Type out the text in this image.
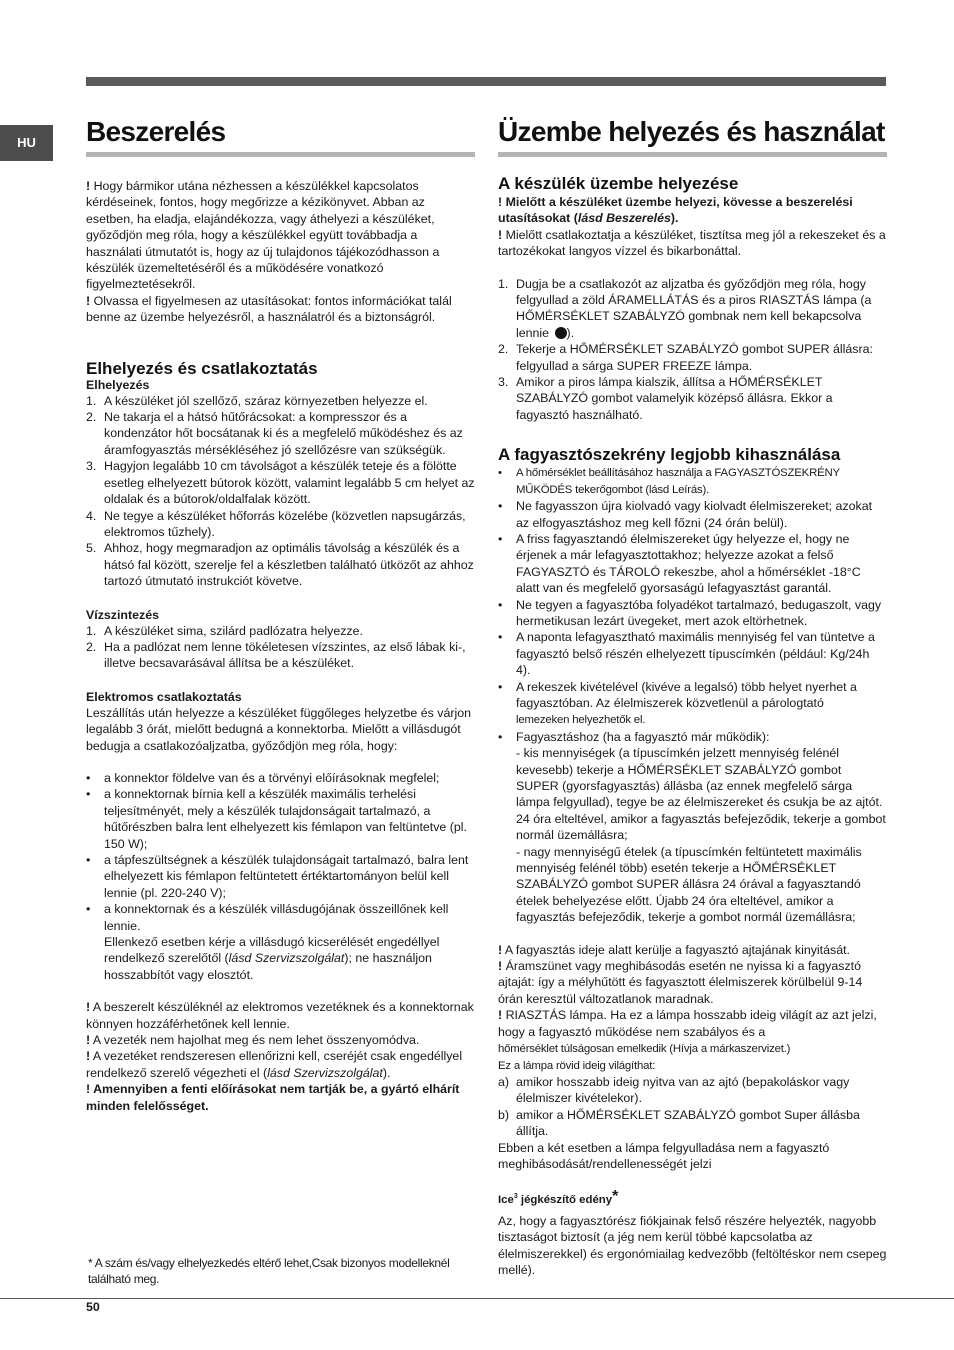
HU	Beszerelés

! Hogy bármikor utána nézhessen a készülékkel kapcsolatos kérdéseinek, fontos, hogy megőrizze a kézikönyvet. Abban az esetben, ha eladja, elajándékozza, vagy áthelyezi a készüléket, győződjön meg róla, hogy a készülékkel együtt továbbadja a használati útmutatót is, hogy az új tulajdonos tájékozódhasson a készülék üzemeltetéséről és a működésére vonatkozó figyelmeztetésekről.

! Olvassa el figyelmesen az utasításokat: fontos információkat talál benne az üzembe helyezésről, a használatról és a biztonságról.

Elhelyezés és csatlakoztatás
Elhelyezés
1. A készüléket jól szellőző, száraz környezetben helyezze el.
2. Ne takarja el a hátsó hűtőrácsokat: a kompresszor és a kondenzátor hőt bocsátanak ki és a megfelelő működéshez és az áramfogyasztás mérsékléséhez jó szellőzésre van szükségük.
3. Hagyjon legalább 10 cm távolságot a készülék teteje és a fölötte esetleg elhelyezett bútorok között, valamint legalább 5 cm helyet az oldalak és a bútorok/oldalfalak között.
4. Ne tegye a készüléket hőforrás közelébe (közvetlen napsugárzás, elektromos tűzhely).
5. Ahhoz, hogy megmaradjon az optimális távolság a készülék és a hátsó fal között, szerelje fel a készletben található ütközőt az ahhoz tartozó útmutató instrukciót követve.
Vízszintezés
1. A készüléket sima, szilárd padlózatra helyezze.
2. Ha a padlózat nem lenne tökéletesen vízszintes, az első lábak ki-, illetve becsavarásával állítsa be a készüléket.
Elektromos csatlakoztatás

Leszállítás után helyezze a készüléket függőleges helyzetbe és várjon legalább 3 órát, mielőtt bedugná a konnektorba. Mielőtt a villásdugót bedugja a csatlakozóaljzatba, győződjön meg róla, hogy:

• a konnektor földelve van és a törvényi előírásoknak megfelel;
• a konnektornak bírnia kell a készülék maximális terhelési teljesítményét, mely a készülék tulajdonságait tartalmazó, a hűtőrészben balra lent elhelyezett kis fémlapon van feltüntetve (pl. 150 W);
• a tápfeszültségnek a készülék tulajdonságait tartalmazó, balra lent elhelyezett kis fémlapon feltüntetett értéktartományon belül kell lennie (pl. 220-240 V);
• a konnektornak és a készülék villásdugójának összeillőnek kell lennie.
Ellenkező esetben kérje a villásdugó kicserélését engedéllyel rendelkező szerelőtől (lásd Szervizszolgálat); ne használjon hosszabbítót vagy elosztót.

! A beszerelt készüléknél az elektromos vezetéknek és a konnektornak könnyen hozzáférhetőnek kell lennie.

! A vezeték nem hajolhat meg és nem lehet összenyomódva.

! A vezetéket rendszeresen ellenőrizni kell, cseréjét csak engedéllyel rendelkező szerelő végezheti el (lásd Szervizszolgálat).

! Amennyiben a fenti előírásokat nem tartják be, a gyártó elhárít minden felelősséget.

* A szám és/vagy elhelyezkedés eltérő lehet,Csak bizonyos modelleknél található meg.
Üzembe helyezés és használat
A készülék üzembe helyezése

! Mielőtt a készüléket üzembe helyezi, kövesse a beszerelési utasításokat (lásd Beszerelés).

! Mielőtt csatlakoztatja a készüléket, tisztítsa meg jól a rekeszeket és a tartozékokat langyos vízzel és bikarbonáttal.

1. Dugja be a csatlakozót az aljzatba és győződjön meg róla, hogy felgyullad a zöld ÁRAMELLÁTÁS és a piros RIASZTÁS lámpa (a HŐMÉRSÉKLET SZABÁLYZÓ gombnak nem kell bekapcsolva lennie ).
2. Tekerje a HŐMÉRSÉKLET SZABÁLYZÓ gombot SUPER állásra: felgyullad a sárga SUPER FREEZE lámpa.
3. Amikor a piros lámpa kialszik, állítsa a HŐMÉRSÉKLET SZABÁLYZÓ gombot valamelyik középső állásra. Ekkor a fagyasztó használható.
A fagyasztószekrény legjobb kihasználása
• A hőmérséklet beállításához használja a FAGYASZTÓSZEKRÉNY MŰKÖDÉS tekerőgombot (lásd Leírás).
• Ne fagyasszon újra kiolvadó vagy kiolvadt élelmiszereket; azokat az elfogyasztáshoz meg kell főzni (24 órán belül).
• A friss fagyasztandó élelmiszereket úgy helyezze el, hogy ne érjenek a már lefagyasztottakhoz; helyezze azokat a felső FAGYASZTÓ és TÁROLÓ rekeszbe, ahol a hőmérséklet -18°C alatt van és megfelelő gyorsaságú lefagyasztást garantál.
• Ne tegyen a fagyasztóba folyadékot tartalmazó, bedugaszolt, vagy hermetikusan lezárt üvegeket, mert azok eltörhetnek.
• A naponta lefagyasztható maximális mennyiség fel van tüntetve a fagyasztó belső részén elhelyezett típuscímkén (például: Kg/24h 4).
• A rekeszek kivételével (kivéve a legalsó) több helyet nyerhet a fagyasztóban. Az élelmiszerek közvetlenül a párologtató
lemezeken helyezhetők el.
• Fagyasztáshoz (ha a fagyasztó már működik):
- kis mennyiségek (a típuscímkén jelzett mennyiség felénél kevesebb) tekerje a HŐMÉRSÉKLET SZABÁLYZÓ gombot SUPER (gyorsfagyasztás) állásba (az ennek megfelelő sárga lámpa felgyullad), tegye be az élelmiszereket és csukja be az ajtót. 24 óra elteltével, amikor a fagyasztás befejeződik, tekerje a gombot normál üzemállásra;
- nagy mennyiségű ételek (a típuscímkén feltüntetett maximális mennyiség felénél több) esetén tekerje a HŐMÉRSÉKLET SZABÁLYZÓ gombot SUPER állásra 24 órával a fagyasztandó ételek behelyezése előtt. Újabb 24 óra elteltével, amikor a fagyasztás befejeződik, tekerje a gombot normál üzemállásra;

! A fagyasztás ideje alatt kerülje a fagyasztó ajtajának kinyitását.

! Áramszünet vagy meghibásodás esetén ne nyissa ki a fagyasztó ajtaját: így a mélyhűtött és fagyasztott élelmiszerek körülbelül 9-14 órán keresztül változatlanok maradnak.

! RIASZTÁS lámpa. Ha ez a lámpa hosszabb ideig világít az azt jelzi, hogy a fagyasztó működése nem szabályos és a
hőmérséklet túlságosan emelkedik (Hívja a márkaszervizet.)

Ez a lámpa rövid ideig világíthat:

a) amikor hosszabb ideig nyitva van az ajtó (bepakoláskor vagy élelmiszer kivételekor).
b) amikor a HŐMÉRSÉKLET SZABÁLYZÓ gombot Super állásba állítja.

Ebben a két esetben a lámpa felgyulladása nem a fagyasztó meghibásodását/rendellenességét jelzi

Ice$^3$ jégkészítő edény*

Az, hogy a fagyasztórész fiókjainak felső részére helyezték, nagyobb tisztaságot biztosít (a jég nem kerül többé kapcsolatba az élelmiszerekkel) és ergonómiailag kedvezőbb (feltöltéskor nem csepeg mellé).

50
